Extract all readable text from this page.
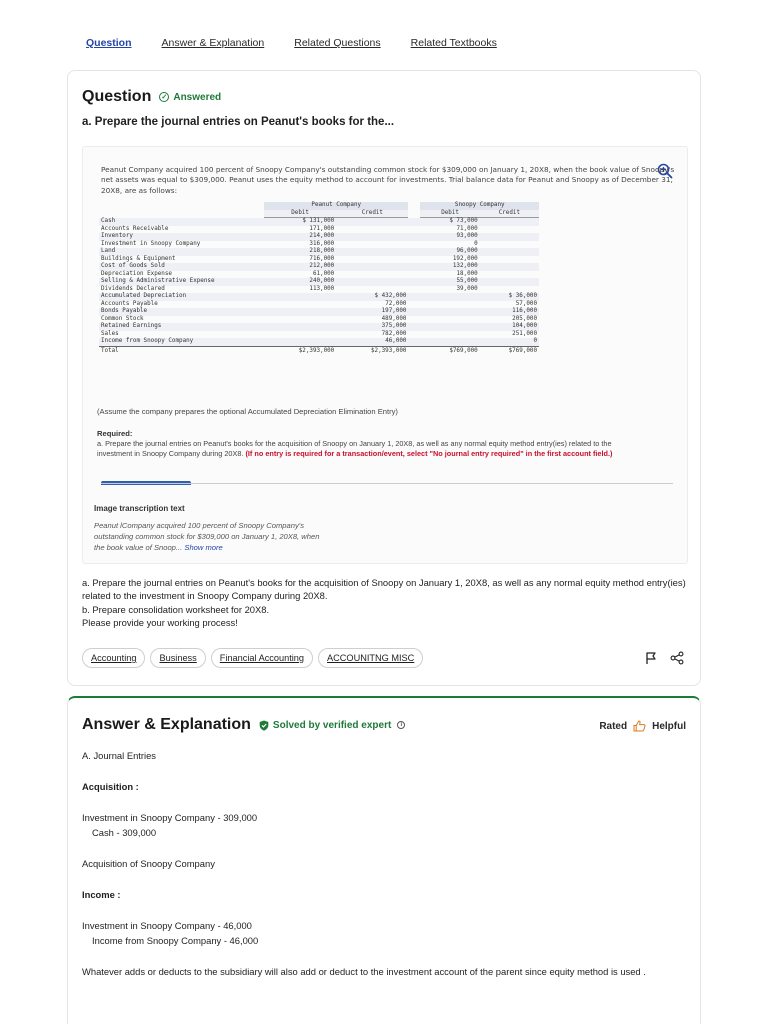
Question	Answer & Explanation	Related Questions	Related Textbooks
Question ✓ Answered
a. Prepare the journal entries on Peanut's books for the...
Peanut Company acquired 100 percent of Snoopy Company's outstanding common stock for $309,000 on January 1, 20X8, when the book value of Snoopy's net assets was equal to $309,000. Peanut uses the equity method to account for investments. Trial balance data for Peanut and Snoopy as of December 31, 20X8, are as follows:
	Peanut Company			Snoopy Company	
	Debit	Credit		Debit	Credit
Cash	$ 131,000			$ 73,000	
Accounts Receivable	171,000			71,000	
Inventory	214,000			93,000	
Investment in Snoopy Company	316,000			0	
Land	218,000			96,000	
Buildings & Equipment	716,000			192,000	
Cost of Goods Sold	212,000			132,000	
Depreciation Expense	61,000			18,000	
Selling & Administrative Expense	240,000			55,000	
Dividends Declared	113,000			39,000	
Accumulated Depreciation		$ 432,000			$ 36,000
Accounts Payable		72,000			57,000
Bonds Payable		197,000			116,000
Common Stock		489,000			205,000
Retained Earnings		375,000			104,000
Sales		782,000			251,000
Income from Snoopy Company		46,000			0
Total	$2,393,000	$2,393,000		$769,000	$769,000
(Assume the company prepares the optional Accumulated Depreciation Elimination Entry)
Required:
a. Prepare the journal entries on Peanut's books for the acquisition of Snoopy on January 1, 20X8, as well as any normal equity method entry(ies) related to the investment in Snoopy Company during 20X8. (If no entry is required for a transaction/event, select "No journal entry required" in the first account field.)
Image transcription text
Peanut lCompany acquired 100 percent of Snoopy Company's outstanding common stock for $309,000 on January 1, 20X8, when the book value of Snoop... Show more
a. Prepare the journal entries on Peanut's books for the acquisition of Snoopy on January 1, 20X8, as well as any normal equity method entry(ies) related to the investment in Snoopy Company during 20X8.
b. Prepare consolidation worksheet for 20X8.
Please provide your working process!
Accounting	Business	Financial Accounting	ACCOUNITNG MISC
Answer & Explanation Solved by verified expert	i	Rated	Helpful
A. Journal Entries
Acquisition :
Investment in Snoopy Company - 309,000
Cash - 309,000
Acquisition of Snoopy Company
Income :
Investment in Snoopy Company - 46,000
Income from Snoopy Company - 46,000
Whatever adds or deducts to the subsidiary will also add or deduct to the investment account of the parent since equity method is used .
